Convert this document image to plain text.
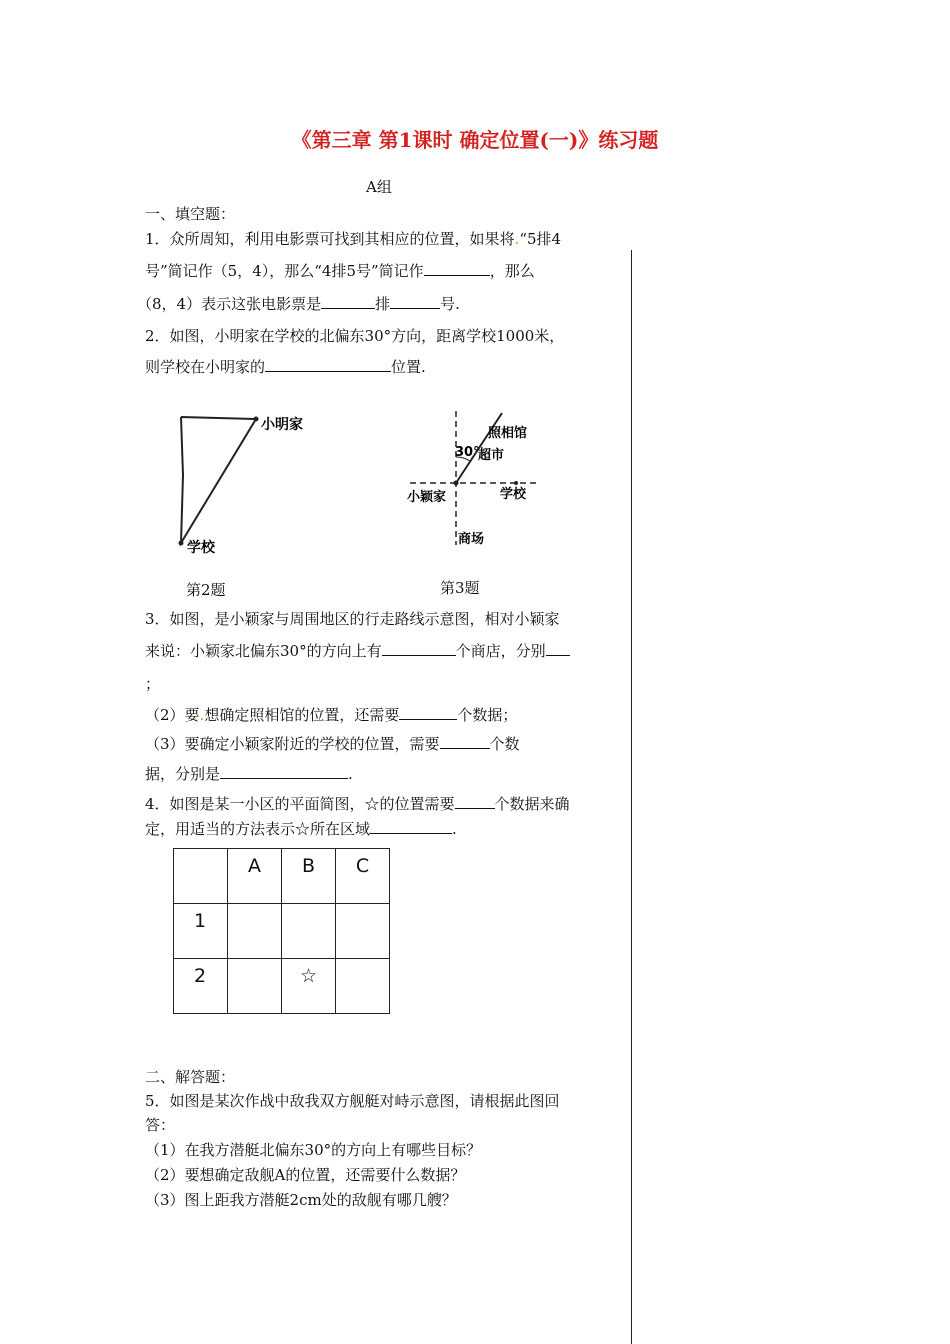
《第三章 第1课时 确定位置(一)》练习题
A组
一、填空题：
1．众所周知，利用电影票可找到其相应的位置，如果将.“5排4
号”简记作（5，4），那么“4排5号”简记作	，那么
（8，4）表示这张电影票是	排	号.
2．如图，小明家在学校的北偏东30°方向，距离学校1000米，
则学校在小明家的	位置.
小明家
学校
第2题
照相馆
30°
超市
小颖家	学校
商场
第3题
3．如图，是小颖家与周围地区的行走路线示意图，相对小颖家
来说：小颖家北偏东30°的方向上有	个商店，分别
；
（2）要.想确定照相馆的位置，还需要	个数据；
（3）要确定小颖家附近的学校的位置，需要	个数
据，分别是	.
4．如图是某一小区的平面简图，☆的位置需要	个数据来确
定，用适当的方法表示☆所在区域	.
	A	B	C
1			
2		☆	
二、解答题：
5．如图是某次作战中敌我双方舰艇对峙示意图，请根据此图回
答：
（1）在我方潜艇北偏东30°的方向上有哪些目标？
（2）要想确定敌舰A的位置，还需要什么数据？
（3）图上距我方潜艇2cm处的敌舰有哪几艘？
